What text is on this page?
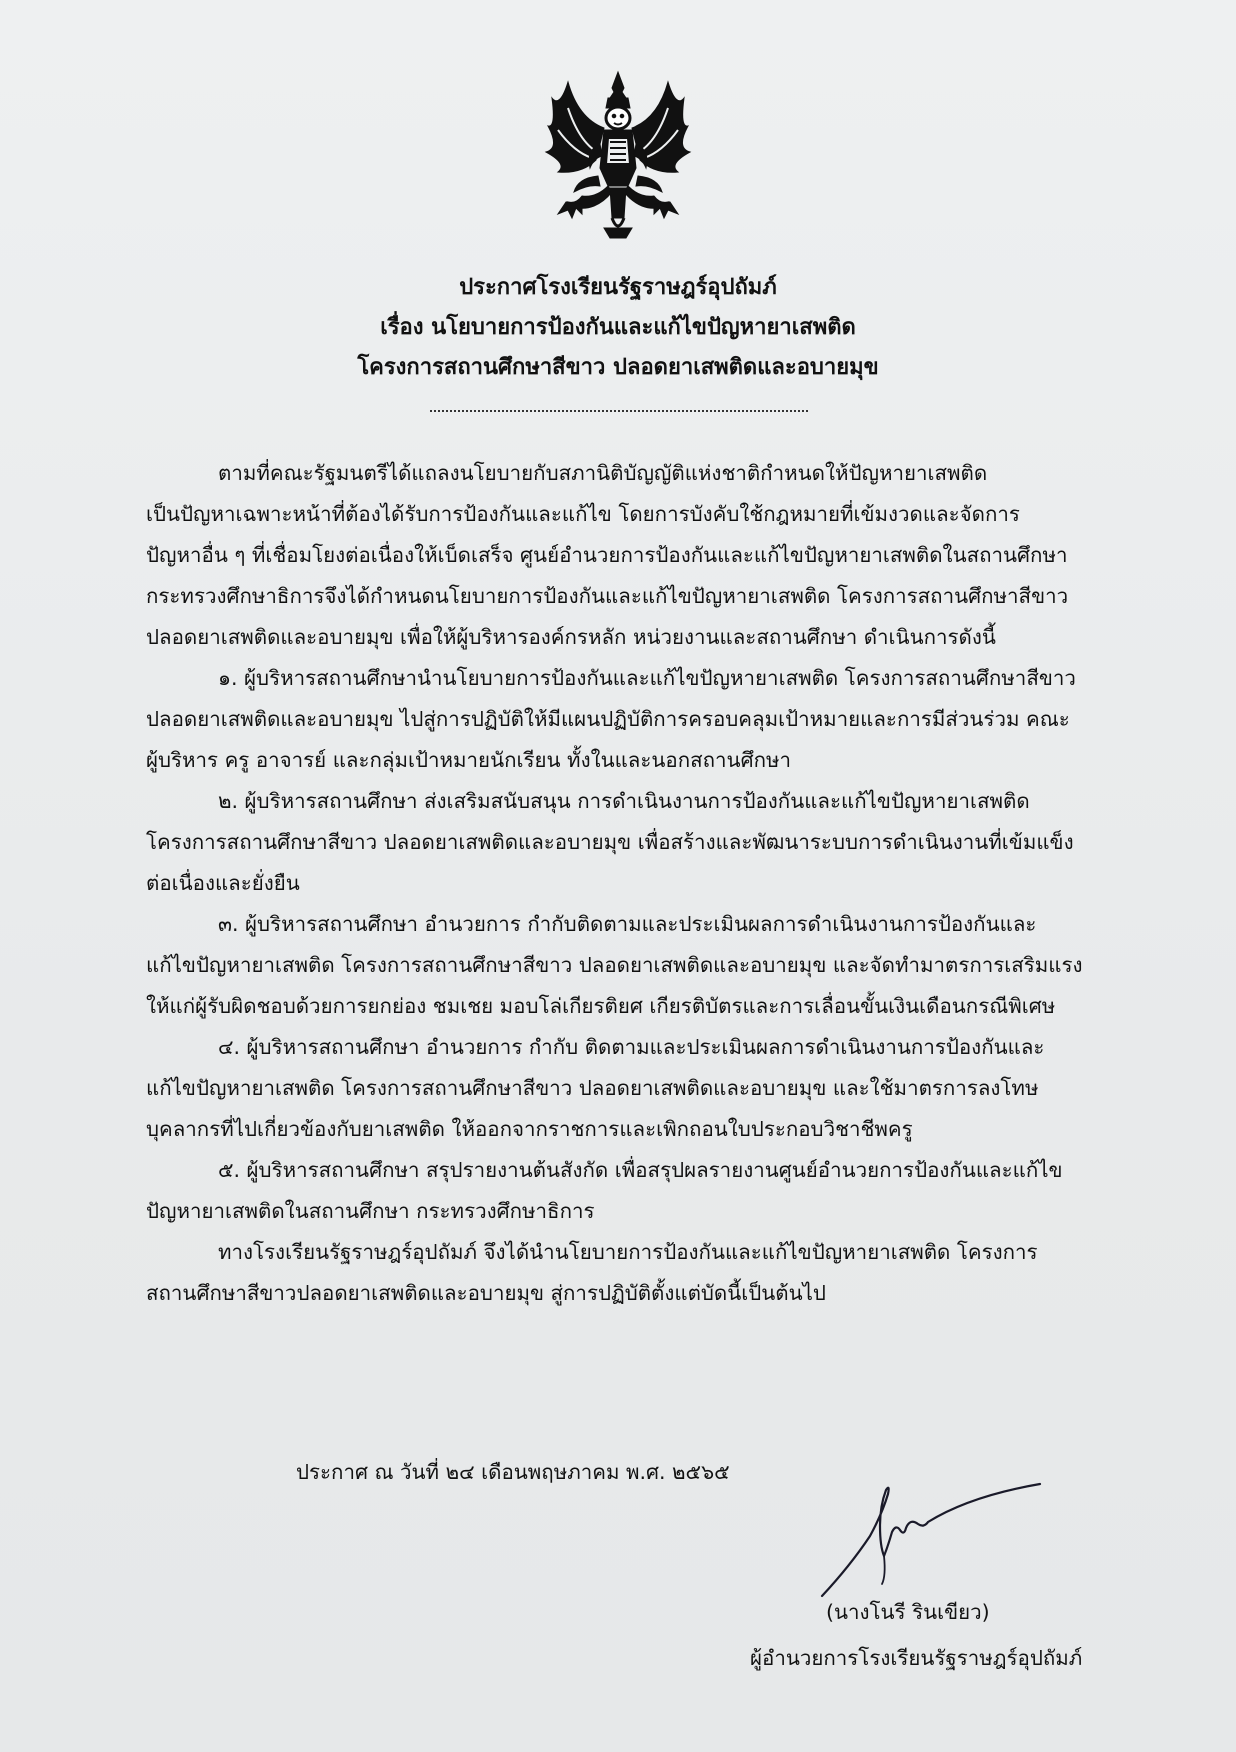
ประกาศโรงเรียนรัฐราษฎร์อุปถัมภ์
เรื่อง นโยบายการป้องกันและแก้ไขปัญหายาเสพติด
โครงการสถานศึกษาสีขาว ปลอดยาเสพติดและอบายมุข
ตามที่คณะรัฐมนตรีได้แถลงนโยบายกับสภานิติบัญญัติแห่งชาติกำหนดให้ปัญหายาเสพติด
เป็นปัญหาเฉพาะหน้าที่ต้องได้รับการป้องกันและแก้ไข โดยการบังคับใช้กฎหมายที่เข้มงวดและจัดการ
ปัญหาอื่น ๆ ที่เชื่อมโยงต่อเนื่องให้เบ็ดเสร็จ ศูนย์อำนวยการป้องกันและแก้ไขปัญหายาเสพติดในสถานศึกษา
กระทรวงศึกษาธิการจึงได้กำหนดนโยบายการป้องกันและแก้ไขปัญหายาเสพติด โครงการสถานศึกษาสีขาว
ปลอดยาเสพติดและอบายมุข เพื่อให้ผู้บริหารองค์กรหลัก หน่วยงานและสถานศึกษา ดำเนินการดังนี้
๑. ผู้บริหารสถานศึกษานำนโยบายการป้องกันและแก้ไขปัญหายาเสพติด โครงการสถานศึกษาสีขาว
ปลอดยาเสพติดและอบายมุข ไปสู่การปฏิบัติให้มีแผนปฏิบัติการครอบคลุมเป้าหมายและการมีส่วนร่วม คณะ
ผู้บริหาร ครู อาจารย์ และกลุ่มเป้าหมายนักเรียน ทั้งในและนอกสถานศึกษา
๒. ผู้บริหารสถานศึกษา ส่งเสริมสนับสนุน การดำเนินงานการป้องกันและแก้ไขปัญหายาเสพติด
โครงการสถานศึกษาสีขาว ปลอดยาเสพติดและอบายมุข เพื่อสร้างและพัฒนาระบบการดำเนินงานที่เข้มแข็ง
ต่อเนื่องและยั่งยืน
๓. ผู้บริหารสถานศึกษา อำนวยการ กำกับติดตามและประเมินผลการดำเนินงานการป้องกันและ
แก้ไขปัญหายาเสพติด โครงการสถานศึกษาสีขาว ปลอดยาเสพติดและอบายมุข และจัดทำมาตรการเสริมแรง
ให้แก่ผู้รับผิดชอบด้วยการยกย่อง ชมเชย มอบโล่เกียรติยศ เกียรติบัตรและการเลื่อนขั้นเงินเดือนกรณีพิเศษ
๔. ผู้บริหารสถานศึกษา อำนวยการ กำกับ ติดตามและประเมินผลการดำเนินงานการป้องกันและ
แก้ไขปัญหายาเสพติด โครงการสถานศึกษาสีขาว ปลอดยาเสพติดและอบายมุข และใช้มาตรการลงโทษ
บุคลากรที่ไปเกี่ยวข้องกับยาเสพติด ให้ออกจากราชการและเพิกถอนใบประกอบวิชาชีพครู
๕. ผู้บริหารสถานศึกษา สรุปรายงานต้นสังกัด เพื่อสรุปผลรายงานศูนย์อำนวยการป้องกันและแก้ไข
ปัญหายาเสพติดในสถานศึกษา กระทรวงศึกษาธิการ
ทางโรงเรียนรัฐราษฎร์อุปถัมภ์ จึงได้นำนโยบายการป้องกันและแก้ไขปัญหายาเสพติด โครงการ
สถานศึกษาสีขาวปลอดยาเสพติดและอบายมุข สู่การปฏิบัติตั้งแต่บัดนี้เป็นต้นไป
ประกาศ ณ วันที่ ๒๔ เดือนพฤษภาคม พ.ศ. ๒๕๖๕
(นางโนรี รินเขียว)
ผู้อำนวยการโรงเรียนรัฐราษฎร์อุปถัมภ์
